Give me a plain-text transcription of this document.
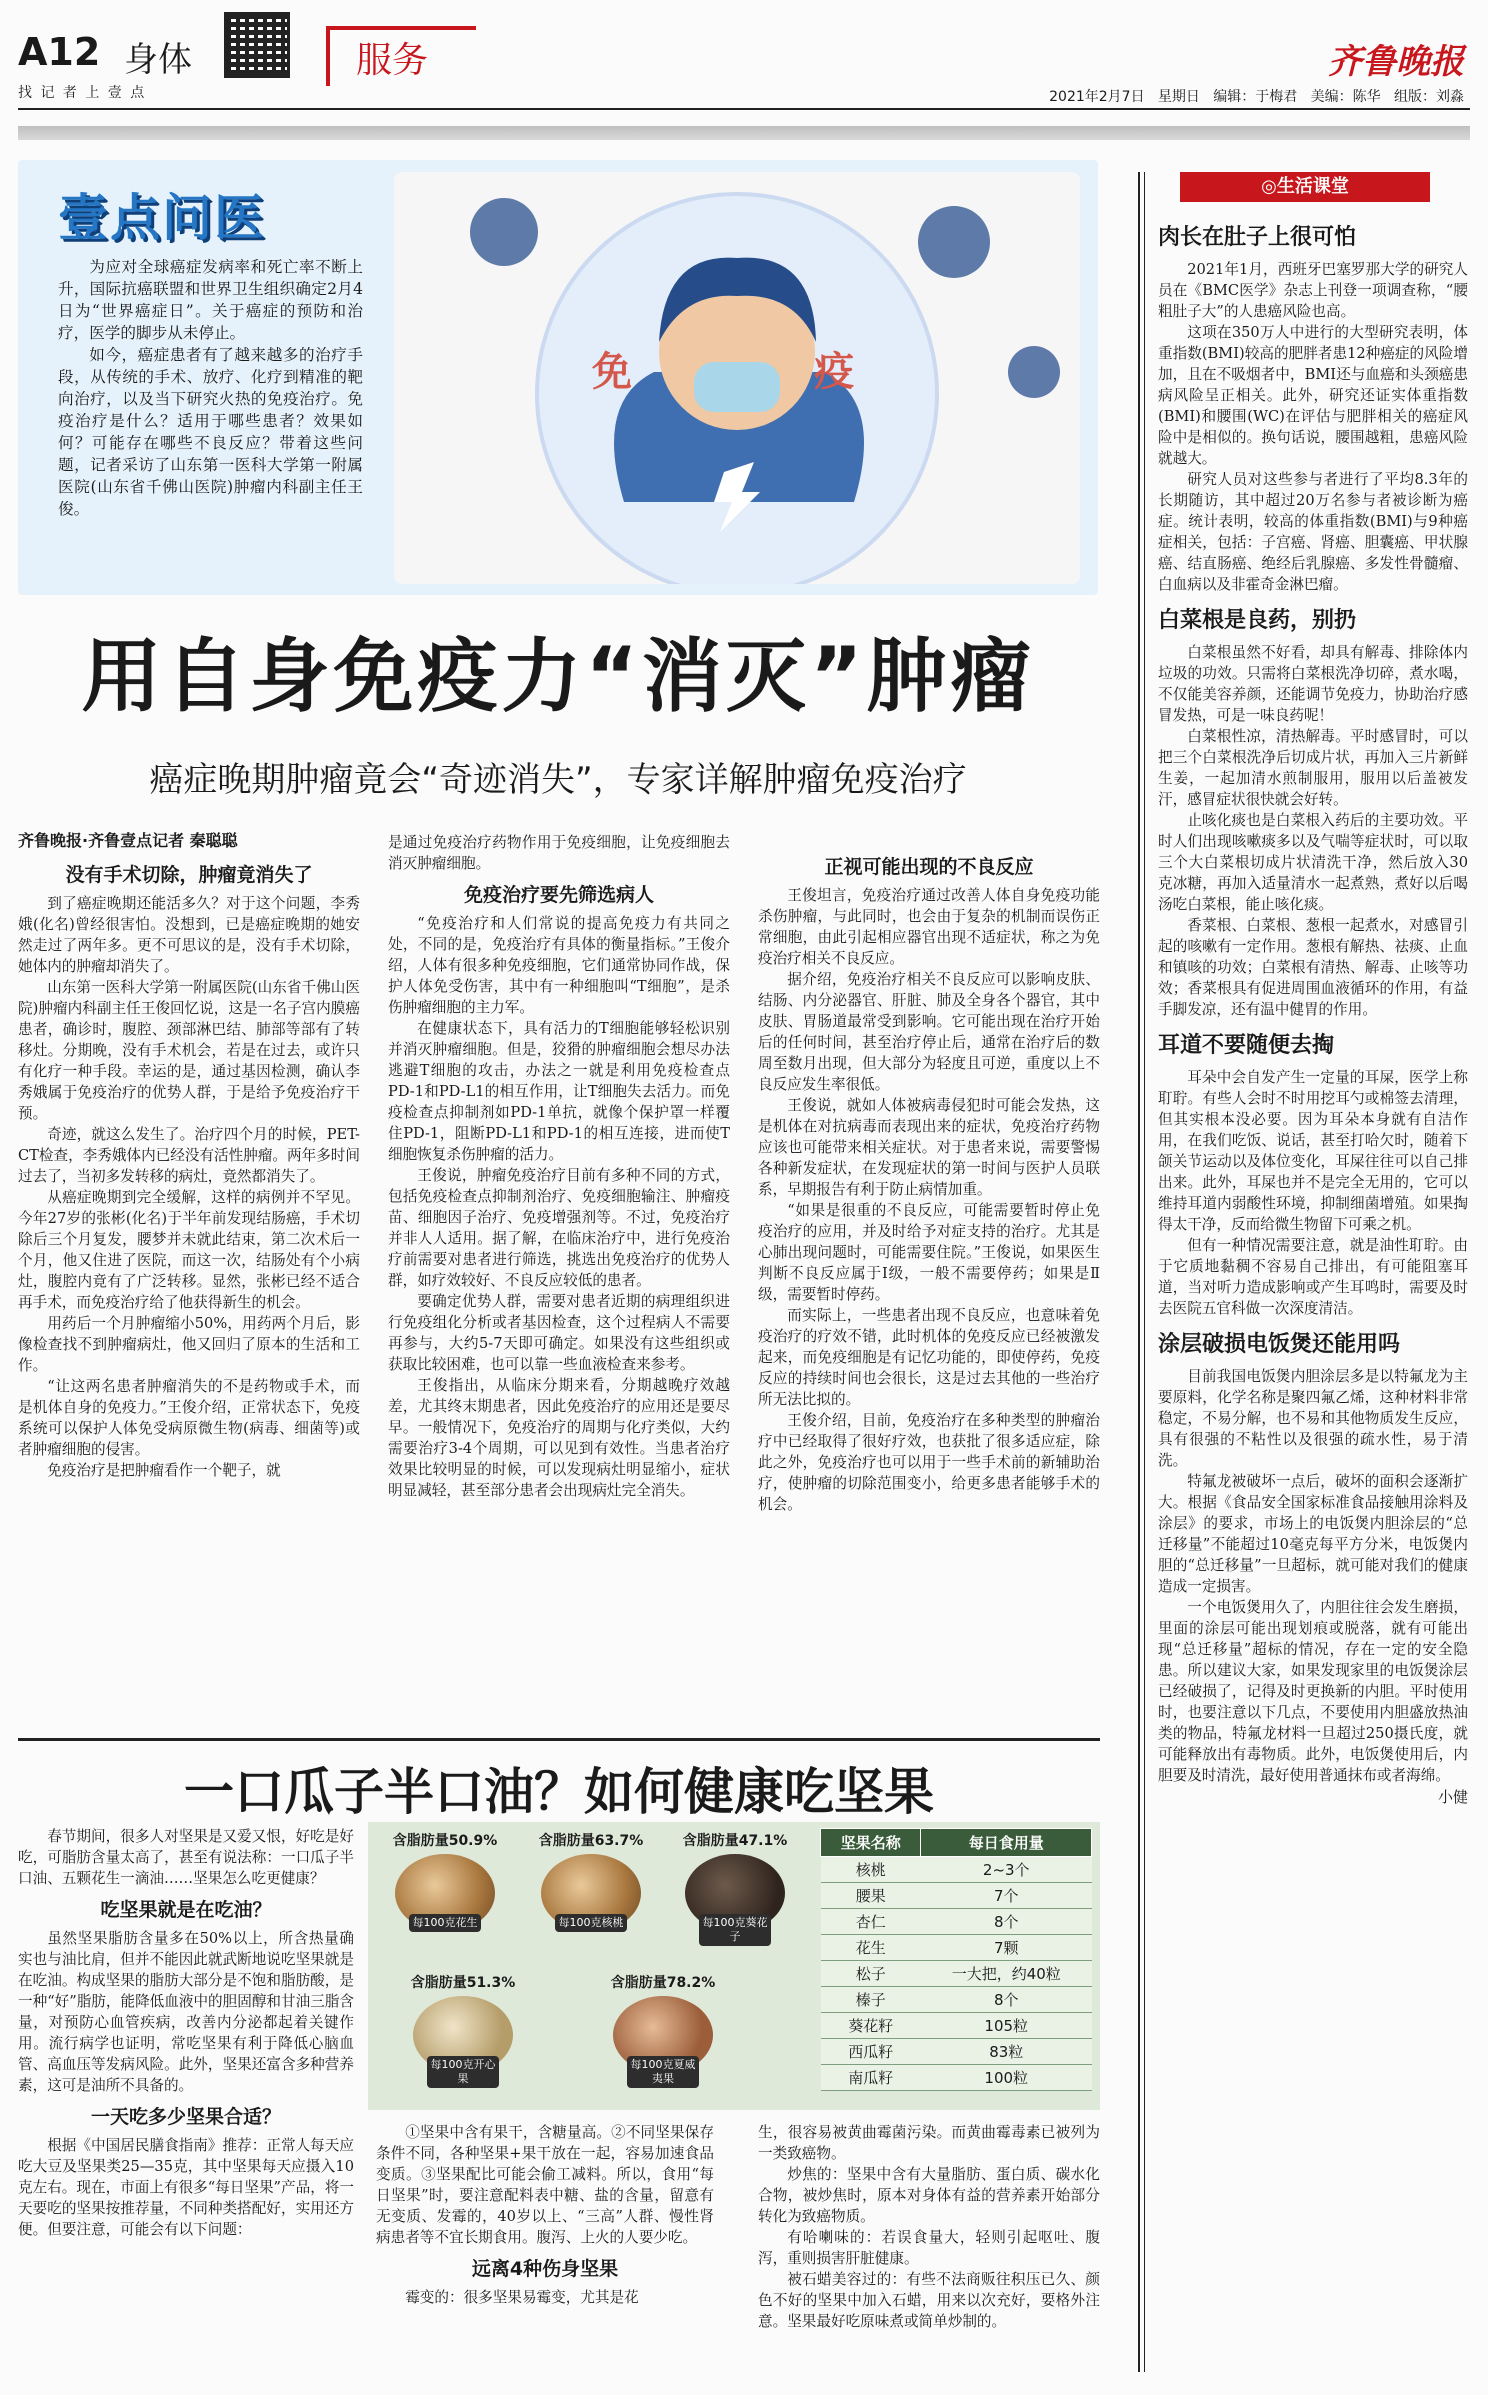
A12 身体
找 记 者 上 壹 点
服务	齐鲁晚报
2021年2月7日   星期日   编辑：于梅君   美编：陈华   组版：刘淼
壹点问医

为应对全球癌症发病率和死亡率不断上升，国际抗癌联盟和世界卫生组织确定2月4日为“世界癌症日”。关于癌症的预防和治疗，医学的脚步从未停止。

如今，癌症患者有了越来越多的治疗手段，从传统的手术、放疗、化疗到精准的靶向治疗，以及当下研究火热的免疫治疗。免疫治疗是什么？适用于哪些患者？效果如何？可能存在哪些不良反应？带着这些问题，记者采访了山东第一医科大学第一附属医院(山东省千佛山医院)肿瘤内科副主任王俊。

免	疫
用自身免疫力“消灭”肿瘤
癌症晚期肿瘤竟会“奇迹消失”，专家详解肿瘤免疫治疗
齐鲁晚报·齐鲁壹点记者 秦聪聪
没有手术切除，肿瘤竟消失了

到了癌症晚期还能活多久？对于这个问题，李秀娥(化名)曾经很害怕。没想到，已是癌症晚期的她安然走过了两年多。更不可思议的是，没有手术切除，她体内的肿瘤却消失了。

山东第一医科大学第一附属医院(山东省千佛山医院)肿瘤内科副主任王俊回忆说，这是一名子宫内膜癌患者，确诊时，腹腔、颈部淋巴结、肺部等部有了转移灶。分期晚，没有手术机会，若是在过去，或许只有化疗一种手段。幸运的是，通过基因检测，确认李秀娥属于免疫治疗的优势人群，于是给予免疫治疗干预。

奇迹，就这么发生了。治疗四个月的时候，PET-CT检查，李秀娥体内已经没有活性肿瘤。两年多时间过去了，当初多发转移的病灶，竟然都消失了。

从癌症晚期到完全缓解，这样的病例并不罕见。今年27岁的张彬(化名)于半年前发现结肠癌，手术切除后三个月复发，腰梦并未就此结束，第二次术后一个月，他又住进了医院，而这一次，结肠处有个小病灶，腹腔内竟有了广泛转移。显然，张彬已经不适合再手术，而免疫治疗给了他获得新生的机会。

用药后一个月肿瘤缩小50%，用药两个月后，影像检查找不到肿瘤病灶，他又回归了原本的生活和工作。

“让这两名患者肿瘤消失的不是药物或手术，而是机体自身的免疫力。”王俊介绍，正常状态下，免疫系统可以保护人体免受病原微生物(病毒、细菌等)或者肿瘤细胞的侵害。

免疫治疗是把肿瘤看作一个靶子，就

是通过免疫治疗药物作用于免疫细胞，让免疫细胞去消灭肿瘤细胞。

免疫治疗要先筛选病人

“免疫治疗和人们常说的提高免疫力有共同之处，不同的是，免疫治疗有具体的衡量指标。”王俊介绍，人体有很多种免疫细胞，它们通常协同作战，保护人体免受伤害，其中有一种细胞叫“T细胞”，是杀伤肿瘤细胞的主力军。

在健康状态下，具有活力的T细胞能够轻松识别并消灭肿瘤细胞。但是，狡猾的肿瘤细胞会想尽办法逃避T细胞的攻击，办法之一就是利用免疫检查点PD-1和PD-L1的相互作用，让T细胞失去活力。而免疫检查点抑制剂如PD-1单抗，就像个保护罩一样覆住PD-1，阻断PD-L1和PD-1的相互连接，进而使T细胞恢复杀伤肿瘤的活力。

王俊说，肿瘤免疫治疗目前有多种不同的方式，包括免疫检查点抑制剂治疗、免疫细胞输注、肿瘤疫苗、细胞因子治疗、免疫增强剂等。不过，免疫治疗并非人人适用。据了解，在临床治疗中，进行免疫治疗前需要对患者进行筛选，挑选出免疫治疗的优势人群，如疗效较好、不良反应较低的患者。

要确定优势人群，需要对患者近期的病理组织进行免疫组化分析或者基因检查，这个过程病人不需要再参与，大约5-7天即可确定。如果没有这些组织或获取比较困难，也可以靠一些血液检查来参考。

王俊指出，从临床分期来看，分期越晚疗效越差，尤其终末期患者，因此免疫治疗的应用还是要尽早。一般情况下，免疫治疗的周期与化疗类似，大约需要治疗3-4个周期，可以见到有效性。当患者治疗效果比较明显的时候，可以发现病灶明显缩小，症状明显减轻，甚至部分患者会出现病灶完全消失。

正视可能出现的不良反应

王俊坦言，免疫治疗通过改善人体自身免疫功能杀伤肿瘤，与此同时，也会由于复杂的机制而误伤正常细胞，由此引起相应器官出现不适症状，称之为免疫治疗相关不良反应。

据介绍，免疫治疗相关不良反应可以影响皮肤、结肠、内分泌器官、肝脏、肺及全身各个器官，其中皮肤、胃肠道最常受到影响。它可能出现在治疗开始后的任何时间，甚至治疗停止后，通常在治疗后的数周至数月出现，但大部分为轻度且可逆，重度以上不良反应发生率很低。

王俊说，就如人体被病毒侵犯时可能会发热，这是机体在对抗病毒而表现出来的症状，免疫治疗药物应该也可能带来相关症状。对于患者来说，需要警惕各种新发症状，在发现症状的第一时间与医护人员联系，早期报告有利于防止病情加重。

“如果是很重的不良反应，可能需要暂时停止免疫治疗的应用，并及时给予对症支持的治疗。尤其是心肺出现问题时，可能需要住院。”王俊说，如果医生判断不良反应属于Ⅰ级，一般不需要停药；如果是Ⅱ级，需要暂时停药。

而实际上，一些患者出现不良反应，也意味着免疫治疗的疗效不错，此时机体的免疫反应已经被激发起来，而免疫细胞是有记忆功能的，即使停药，免疫反应的持续时间也会很长，这是过去其他的一些治疗所无法比拟的。

王俊介绍，目前，免疫治疗在多种类型的肿瘤治疗中已经取得了很好疗效，也获批了很多适应症，除此之外，免疫治疗也可以用于一些手术前的新辅助治疗，使肿瘤的切除范围变小，给更多患者能够手术的机会。

一口瓜子半口油？如何健康吃坚果

春节期间，很多人对坚果是又爱又恨，好吃是好吃，可脂肪含量太高了，甚至有说法称：一口瓜子半口油、五颗花生一滴油……坚果怎么吃更健康？

吃坚果就是在吃油？

虽然坚果脂肪含量多在50%以上，所含热量确实也与油比肩，但并不能因此就武断地说吃坚果就是在吃油。构成坚果的脂肪大部分是不饱和脂肪酸，是一种“好”脂肪，能降低血液中的胆固醇和甘油三脂含量，对预防心血管疾病，改善内分泌都起着关键作用。流行病学也证明，常吃坚果有利于降低心脑血管、高血压等发病风险。此外，坚果还富含多种营养素，这可是油所不具备的。

一天吃多少坚果合适？

根据《中国居民膳食指南》推荐：正常人每天应吃大豆及坚果类25—35克，其中坚果每天应摄入10克左右。现在，市面上有很多“每日坚果”产品，将一天要吃的坚果按推荐量，不同种类搭配好，实用还方便。但要注意，可能会有以下问题：

含脂肪量50.9%
每100克花生
含脂肪量63.7%
每100克核桃
含脂肪量47.1%
每100克葵花子
含脂肪量51.3%
每100克开心果
含脂肪量78.2%
每100克夏威夷果
坚果名称	每日食用量
核桃	2~3个
腰果	7个
杏仁	8个
花生	7颗
松子	一大把，约40粒
榛子	8个
葵花籽	105粒
西瓜籽	83粒
南瓜籽	100粒

①坚果中含有果干，含糖量高。②不同坚果保存条件不同，各种坚果+果干放在一起，容易加速食品变质。③坚果配比可能会偷工减料。所以，食用“每日坚果”时，要注意配料表中糖、盐的含量，留意有无变质、发霉的，40岁以上、“三高”人群、慢性肾病患者等不宜长期食用。腹泻、上火的人要少吃。

远离4种伤身坚果

霉变的：很多坚果易霉变，尤其是花

生，很容易被黄曲霉菌污染。而黄曲霉毒素已被列为一类致癌物。

炒焦的：坚果中含有大量脂肪、蛋白质、碳水化合物，被炒焦时，原本对身体有益的营养素开始部分转化为致癌物质。

有哈喇味的：若误食量大，轻则引起呕吐、腹泻，重则损害肝脏健康。

被石蜡美容过的：有些不法商贩往积压已久、颜色不好的坚果中加入石蜡，用来以次充好，要格外注意。坚果最好吃原味煮或简单炒制的。

◎生活课堂
肉长在肚子上很可怕

2021年1月，西班牙巴塞罗那大学的研究人员在《BMC医学》杂志上刊登一项调查称，“腰粗肚子大”的人患癌风险也高。

这项在350万人中进行的大型研究表明，体重指数(BMI)较高的肥胖者患12种癌症的风险增加，且在不吸烟者中，BMI还与血癌和头颈癌患病风险呈正相关。此外，研究还证实体重指数(BMI)和腰围(WC)在评估与肥胖相关的癌症风险中是相似的。换句话说，腰围越粗，患癌风险就越大。

研究人员对这些参与者进行了平均8.3年的长期随访，其中超过20万名参与者被诊断为癌症。统计表明，较高的体重指数(BMI)与9种癌症相关，包括：子宫癌、肾癌、胆囊癌、甲状腺癌、结直肠癌、绝经后乳腺癌、多发性骨髓瘤、白血病以及非霍奇金淋巴瘤。

白菜根是良药，别扔

白菜根虽然不好看，却具有解毒、排除体内垃圾的功效。只需将白菜根洗净切碎，煮水喝，不仅能美容养颜，还能调节免疫力，协助治疗感冒发热，可是一味良药呢！

白菜根性凉，清热解毒。平时感冒时，可以把三个白菜根洗净后切成片状，再加入三片新鲜生姜，一起加清水煎制服用，服用以后盖被发汗，感冒症状很快就会好转。

止咳化痰也是白菜根入药后的主要功效。平时人们出现咳嗽痰多以及气喘等症状时，可以取三个大白菜根切成片状清洗干净，然后放入30克冰糖，再加入适量清水一起煮熟，煮好以后喝汤吃白菜根，能止咳化痰。

香菜根、白菜根、葱根一起煮水，对感冒引起的咳嗽有一定作用。葱根有解热、祛痰、止血和镇咳的功效；白菜根有清热、解毒、止咳等功效；香菜根具有促进周围血液循环的作用，有益手脚发凉，还有温中健胃的作用。

耳道不要随便去掏

耳朵中会自发产生一定量的耳屎，医学上称耵聍。有些人会时不时用挖耳勺或棉签去清理，但其实根本没必要。因为耳朵本身就有自洁作用，在我们吃饭、说话，甚至打哈欠时，随着下颌关节运动以及体位变化，耳屎往往可以自己排出来。此外，耳屎也并不是完全无用的，它可以维持耳道内弱酸性环境，抑制细菌增殖。如果掏得太干净，反而给微生物留下可乘之机。

但有一种情况需要注意，就是油性耵聍。由于它质地黏稠不容易自己排出，有可能阻塞耳道，当对听力造成影响或产生耳鸣时，需要及时去医院五官科做一次深度清洁。

涂层破损电饭煲还能用吗

目前我国电饭煲内胆涂层多是以特氟龙为主要原料，化学名称是聚四氟乙烯，这种材料非常稳定，不易分解，也不易和其他物质发生反应，具有很强的不粘性以及很强的疏水性，易于清洗。

特氟龙被破坏一点后，破坏的面积会逐渐扩大。根据《食品安全国家标准食品接触用涂料及涂层》的要求，市场上的电饭煲内胆涂层的“总迁移量”不能超过10毫克每平方分米，电饭煲内胆的“总迁移量”一旦超标，就可能对我们的健康造成一定损害。

一个电饭煲用久了，内胆往往会发生磨损，里面的涂层可能出现划痕或脱落，就有可能出现“总迁移量”超标的情况，存在一定的安全隐患。所以建议大家，如果发现家里的电饭煲涂层已经破损了，记得及时更换新的内胆。平时使用时，也要注意以下几点，不要使用内胆盛放热油类的物品，特氟龙材料一旦超过250摄氏度，就可能释放出有毒物质。此外，电饭煲使用后，内胆要及时清洗，最好使用普通抹布或者海绵。

小健
